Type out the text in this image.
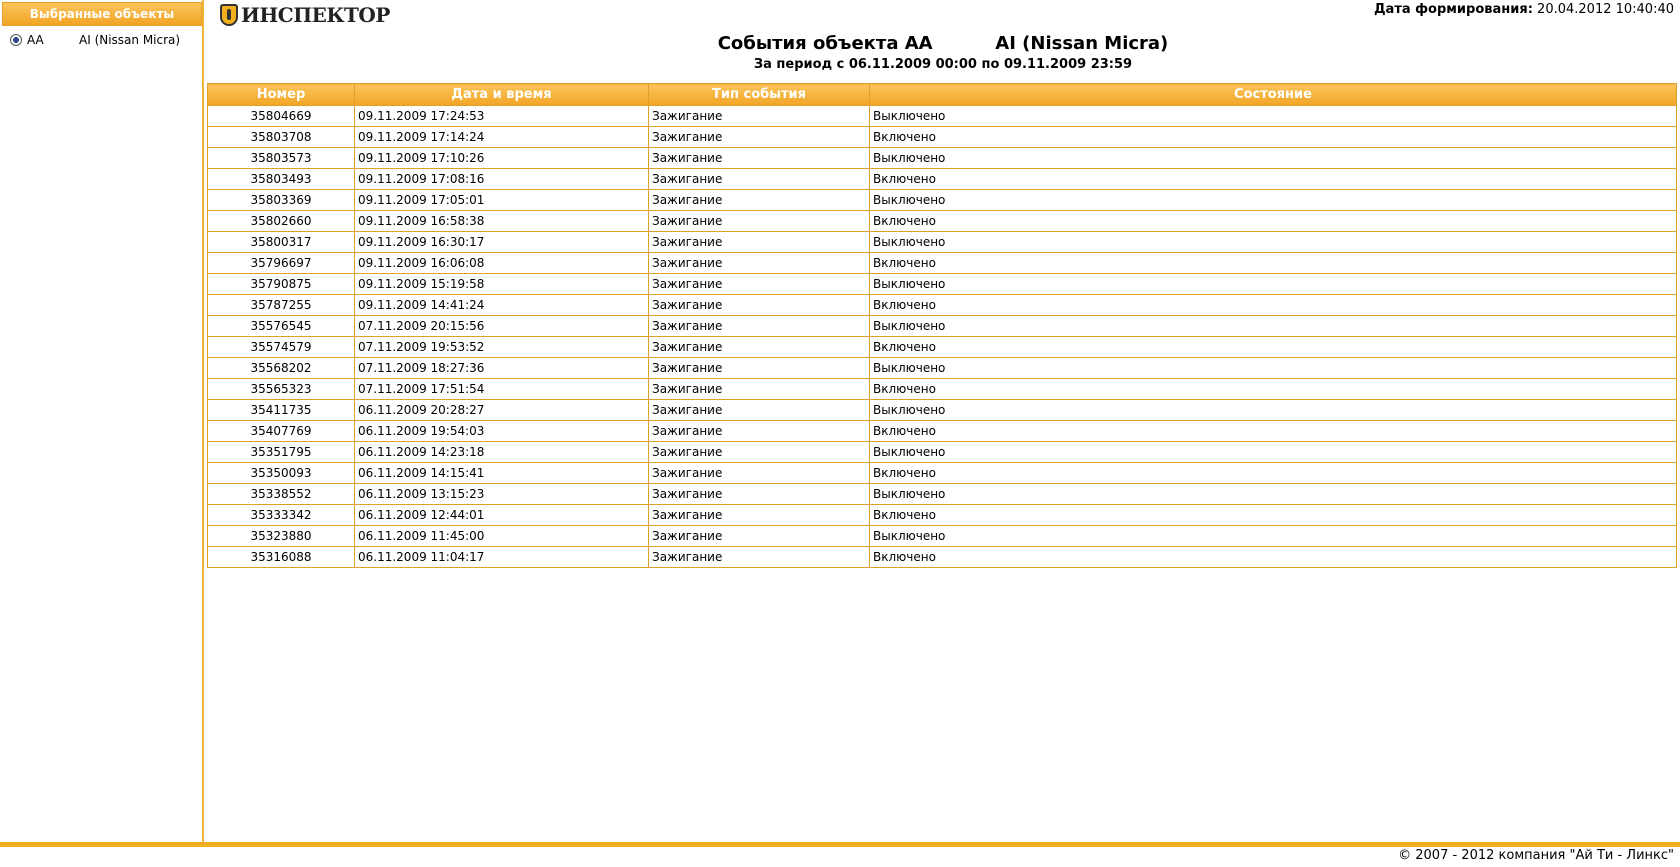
Выбранные объекты
AA	AI (Nissan Micra)
ИНСПЕКТОР	Дата формирования: 20.04.2012 10:40:40
События объекта AA	AI (Nissan Micra)
За период с 06.11.2009 00:00 по 09.11.2009 23:59
Номер	Дата и время	Тип события	Состояние
35804669	09.11.2009 17:24:53	Зажигание	Выключено
35803708	09.11.2009 17:14:24	Зажигание	Включено
35803573	09.11.2009 17:10:26	Зажигание	Выключено
35803493	09.11.2009 17:08:16	Зажигание	Включено
35803369	09.11.2009 17:05:01	Зажигание	Выключено
35802660	09.11.2009 16:58:38	Зажигание	Включено
35800317	09.11.2009 16:30:17	Зажигание	Выключено
35796697	09.11.2009 16:06:08	Зажигание	Включено
35790875	09.11.2009 15:19:58	Зажигание	Выключено
35787255	09.11.2009 14:41:24	Зажигание	Включено
35576545	07.11.2009 20:15:56	Зажигание	Выключено
35574579	07.11.2009 19:53:52	Зажигание	Включено
35568202	07.11.2009 18:27:36	Зажигание	Выключено
35565323	07.11.2009 17:51:54	Зажигание	Включено
35411735	06.11.2009 20:28:27	Зажигание	Выключено
35407769	06.11.2009 19:54:03	Зажигание	Включено
35351795	06.11.2009 14:23:18	Зажигание	Выключено
35350093	06.11.2009 14:15:41	Зажигание	Включено
35338552	06.11.2009 13:15:23	Зажигание	Выключено
35333342	06.11.2009 12:44:01	Зажигание	Включено
35323880	06.11.2009 11:45:00	Зажигание	Выключено
35316088	06.11.2009 11:04:17	Зажигание	Включено
© 2007 - 2012 компания "Ай Ти - Линкс"
